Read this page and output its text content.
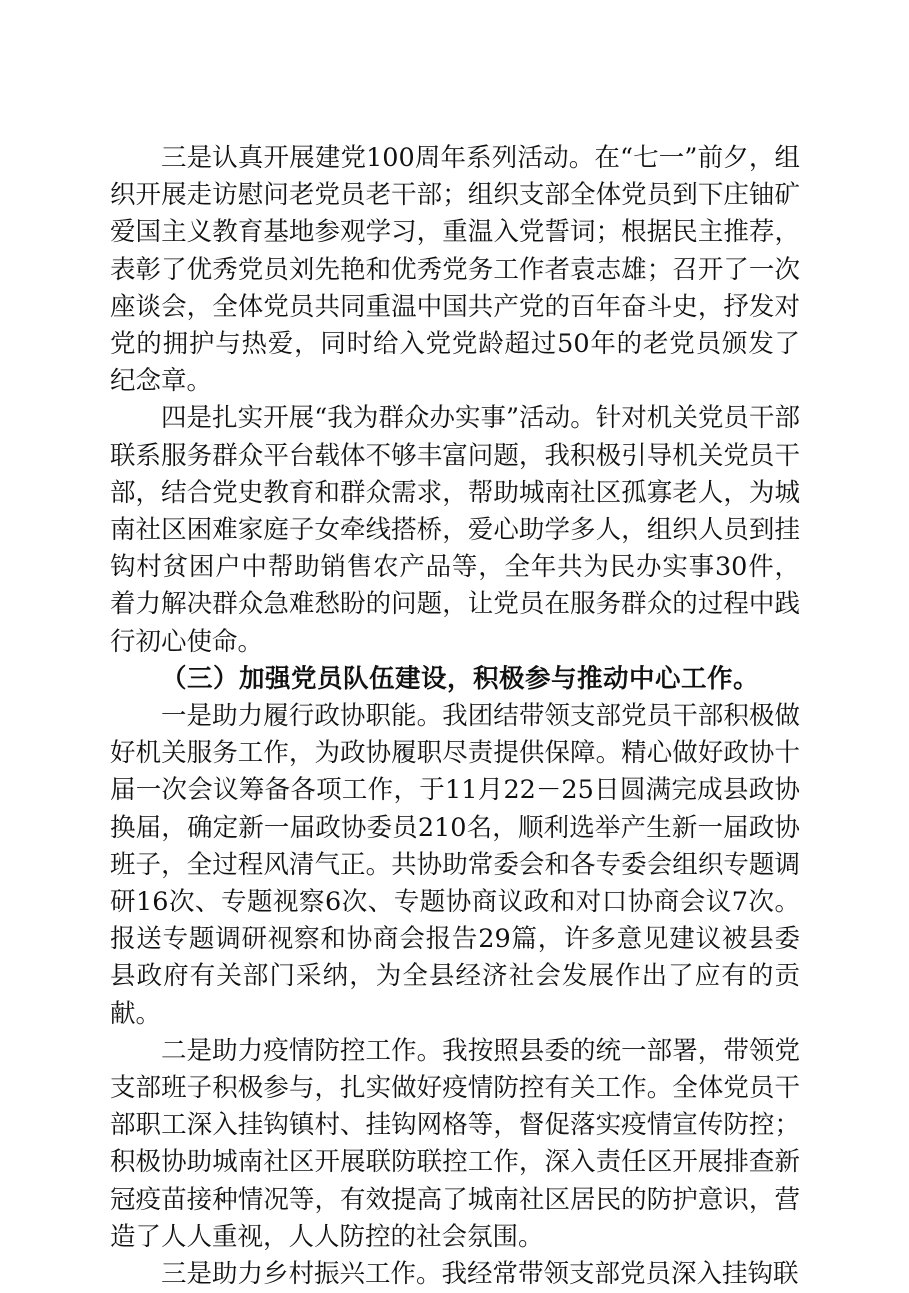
三是认真开展建党100周年系列活动。在“七一”前夕，组织开展走访慰问老党员老干部；组织支部全体党员到下庄铀矿爱国主义教育基地参观学习，重温入党誓词；根据民主推荐，表彰了优秀党员刘先艳和优秀党务工作者袁志雄；召开了一次座谈会，全体党员共同重温中国共产党的百年奋斗史，抒发对党的拥护与热爱，同时给入党党龄超过50年的老党员颁发了纪念章。

四是扎实开展“我为群众办实事”活动。针对机关党员干部联系服务群众平台载体不够丰富问题，我积极引导机关党员干部，结合党史教育和群众需求，帮助城南社区孤寡老人，为城南社区困难家庭子女牵线搭桥，爱心助学多人，组织人员到挂钩村贫困户中帮助销售农产品等，全年共为民办实事30件，着力解决群众急难愁盼的问题，让党员在服务群众的过程中践行初心使命。

（三）加强党员队伍建设，积极参与推动中心工作。

一是助力履行政协职能。我团结带领支部党员干部积极做好机关服务工作，为政协履职尽责提供保障。精心做好政协十届一次会议筹备各项工作，于11月22－25日圆满完成县政协换届，确定新一届政协委员210名，顺利选举产生新一届政协班子，全过程风清气正。共协助常委会和各专委会组织专题调研16次、专题视察6次、专题协商议政和对口协商会议7次。报送专题调研视察和协商会报告29篇，许多意见建议被县委县政府有关部门采纳，为全县经济社会发展作出了应有的贡献。

二是助力疫情防控工作。我按照县委的统一部署，带领党支部班子积极参与，扎实做好疫情防控有关工作。全体党员干部职工深入挂钩镇村、挂钩网格等，督促落实疫情宣传防控；积极协助城南社区开展联防联控工作，深入责任区开展排查新冠疫苗接种情况等，有效提高了城南社区居民的防护意识，营造了人人重视，人人防控的社会氛围。

三是助力乡村振兴工作。我经常带领支部党员深入挂钩联
